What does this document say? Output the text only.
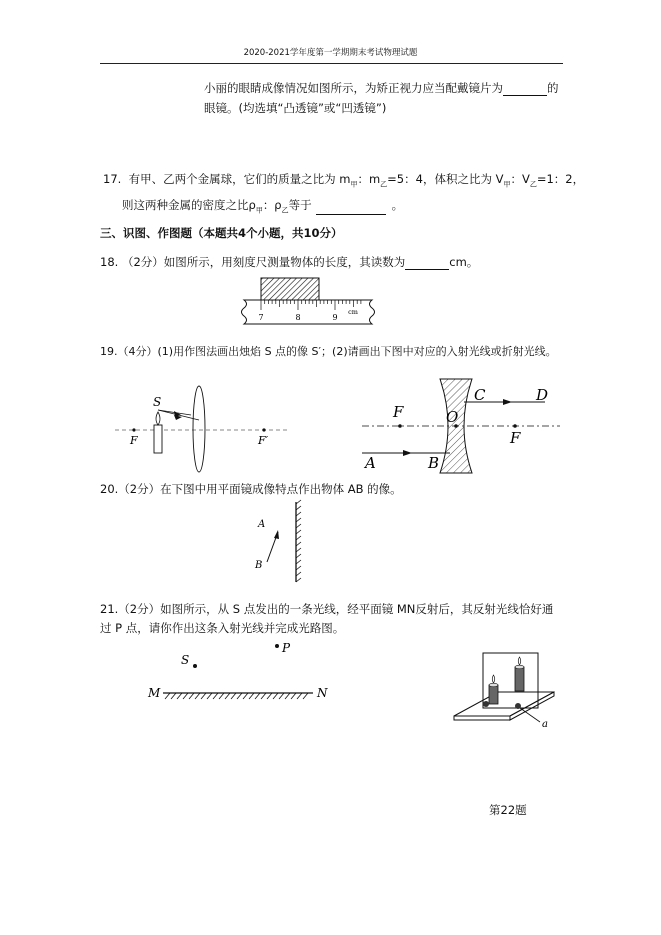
2020-2021学年度第一学期期末考试物理试题
小丽的眼睛成像情况如图所示，为矫正视力应当配戴镜片为	的
眼镜。(均选填“凸透镜”或“凹透镜”)
17. 有甲、乙两个金属球，它们的质量之比为 $m_甲$：$m_乙=5$：4，体积之比为 $V_甲$：$V_乙=1$：2，
则这两种金属的密度之比$\rho_甲$：$\rho_乙$等于	。
三、识图、作图题（本题共4个小题，共10分）
18. （2分）如图所示，用刻度尺测量物体的长度，其读数为	cm。
7	8	9
cm
19.（4分）(1)用作图法画出烛焰 S 点的像 S′；(2)请画出下图中对应的入射光线或折射光线。
S
F	F′
A	B
C	D
F	O
F
20.（2分）在下图中用平面镜成像特点作出物体 AB 的像。
A
B
21.（2分）如图所示，从 S 点发出的一条光线，经平面镜 MN反射后，其反射光线恰好通
过 P 点，请你作出这条入射光线并完成光路图。
S
P
M	N
a
第22题
